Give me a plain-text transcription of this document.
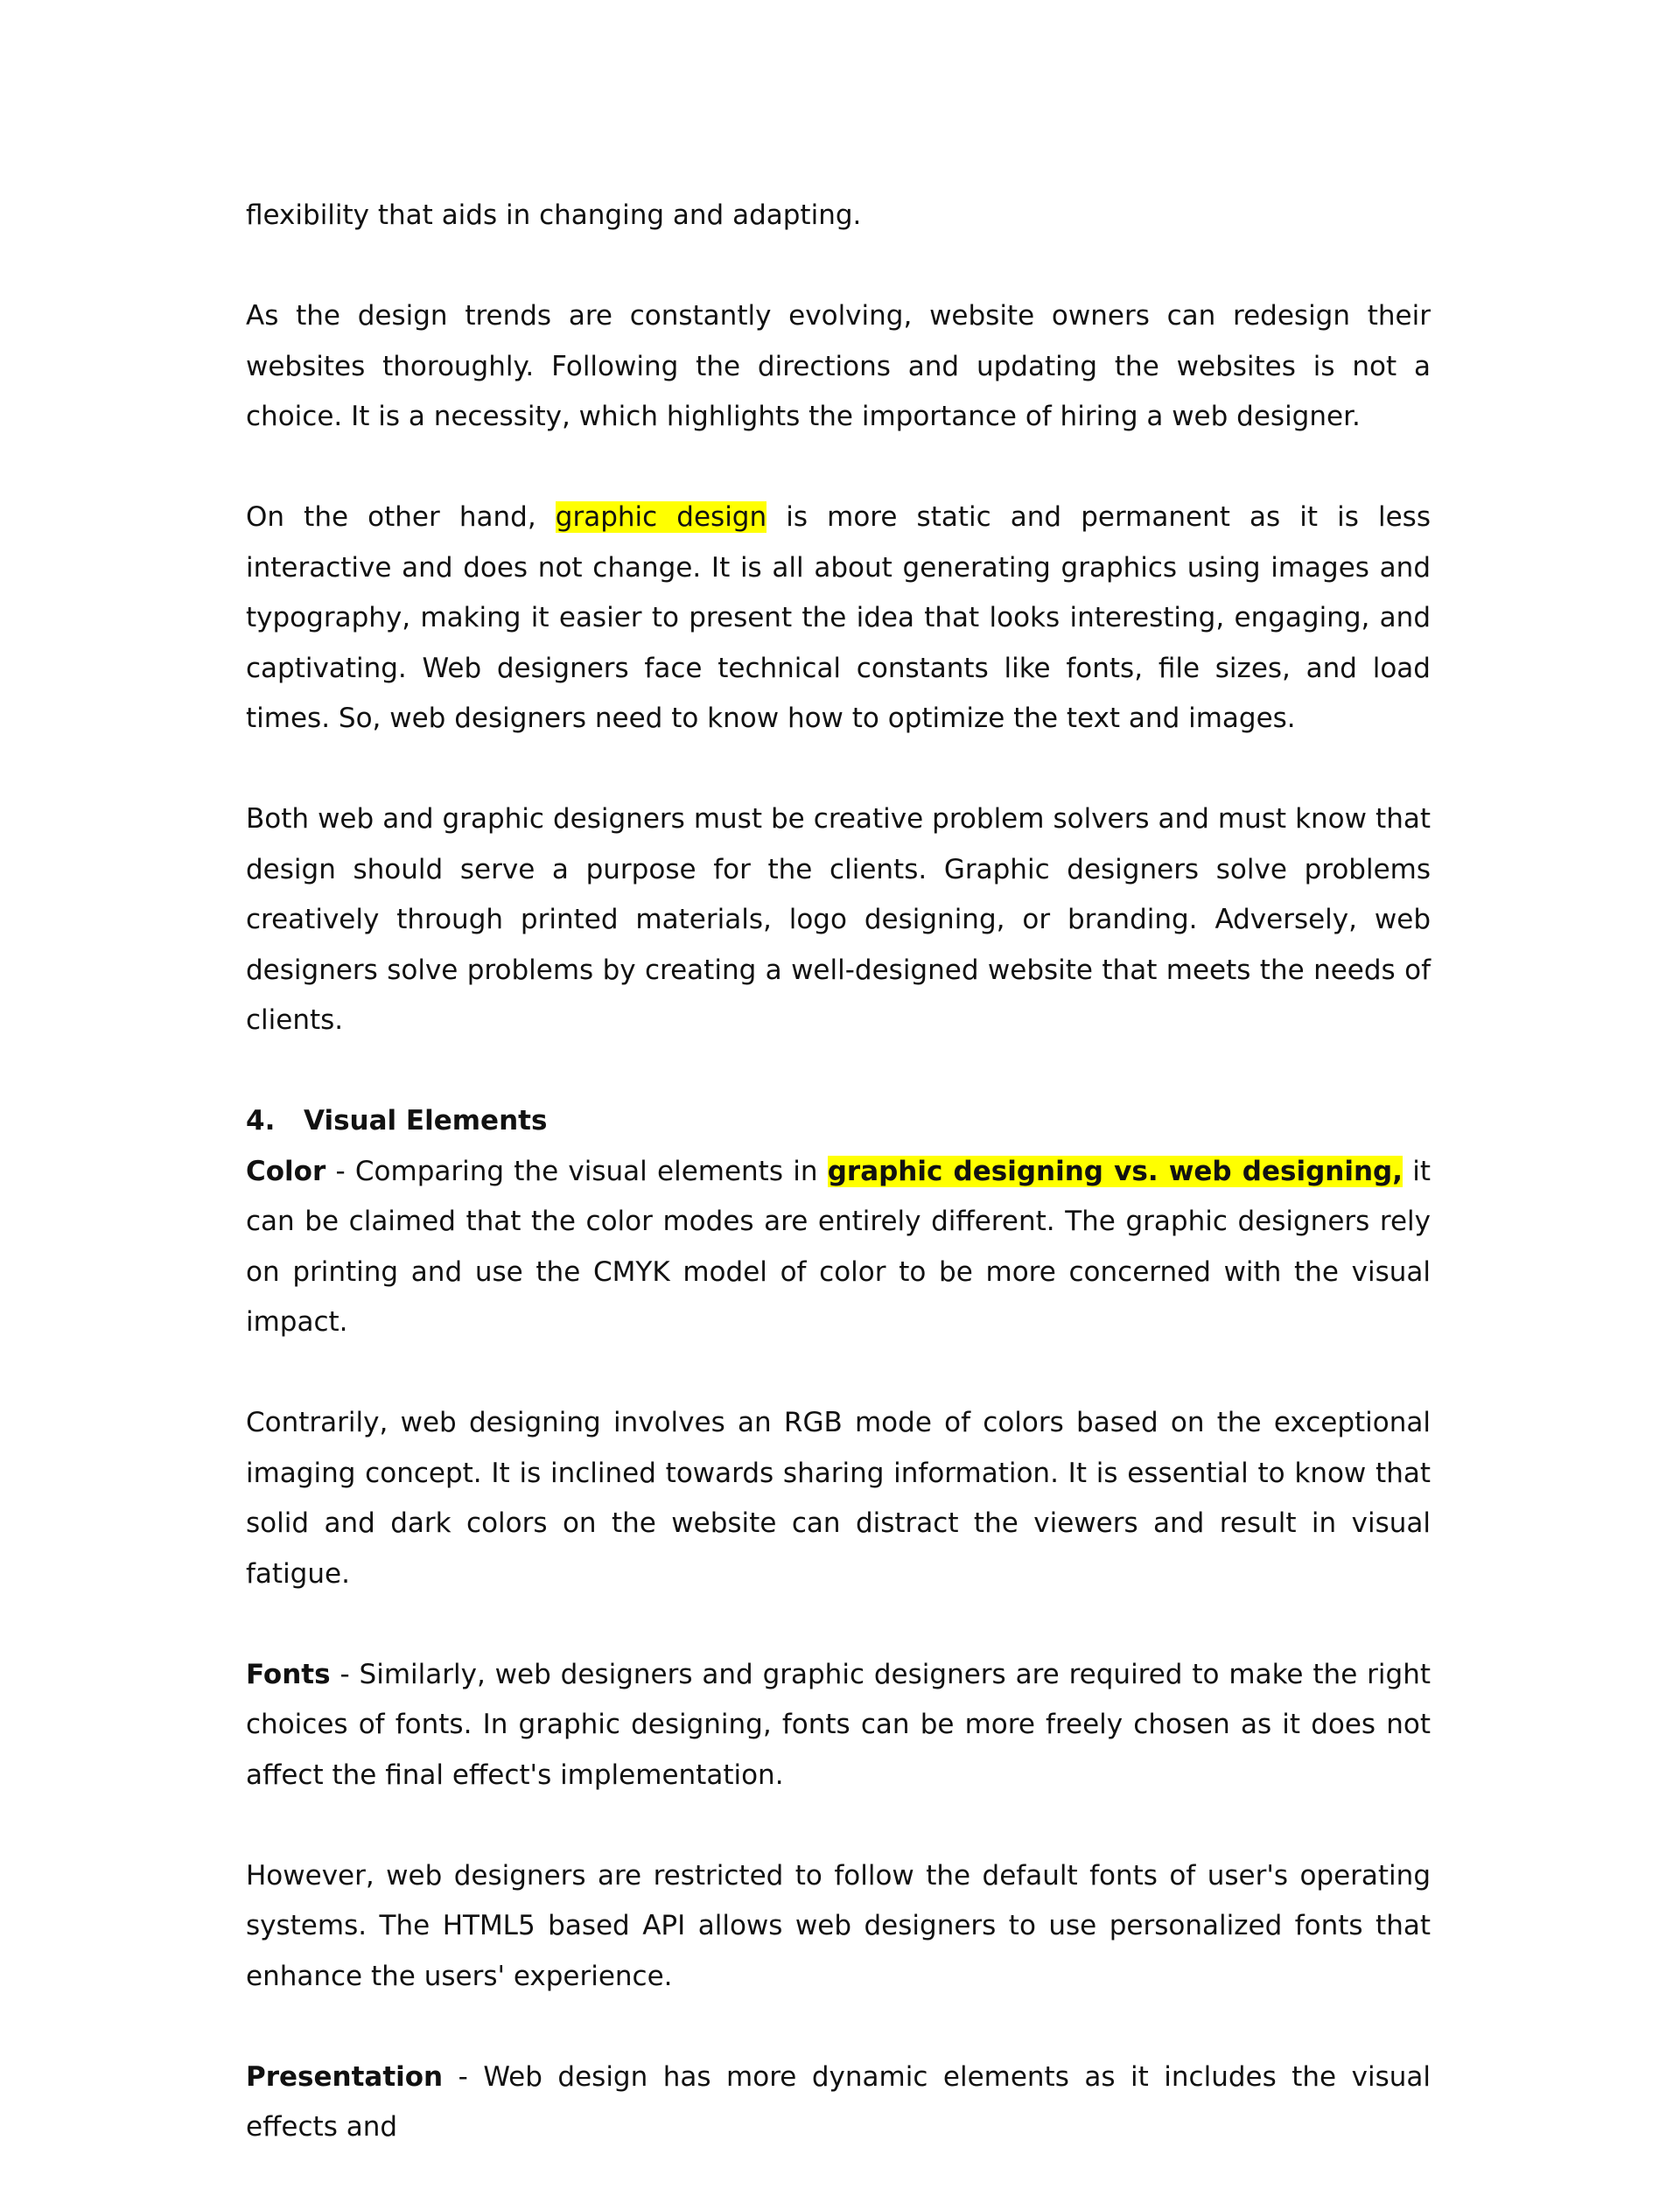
flexibility that aids in changing and adapting.

As the design trends are constantly evolving, website owners can redesign their websites thoroughly. Following the directions and updating the websites is not a choice. It is a necessity, which highlights the importance of hiring a web designer.

On the other hand, graphic design is more static and permanent as it is less interactive and does not change. It is all about generating graphics using images and typography, making it easier to present the idea that looks interesting, engaging, and captivating. Web designers face technical constants like fonts, file sizes, and load times. So, web designers need to know how to optimize the text and images.

Both web and graphic designers must be creative problem solvers and must know that design should serve a purpose for the clients. Graphic designers solve problems creatively through printed materials, logo designing, or branding. Adversely, web designers solve problems by creating a well-designed website that meets the needs of clients.

4. Visual Elements

Color - Comparing the visual elements in graphic designing vs. web designing, it can be claimed that the color modes are entirely different. The graphic designers rely on printing and use the CMYK model of color to be more concerned with the visual impact.

Contrarily, web designing involves an RGB mode of colors based on the exceptional imaging concept. It is inclined towards sharing information. It is essential to know that solid and dark colors on the website can distract the viewers and result in visual fatigue.

Fonts - Similarly, web designers and graphic designers are required to make the right choices of fonts. In graphic designing, fonts can be more freely chosen as it does not affect the final effect's implementation.

However, web designers are restricted to follow the default fonts of user's operating systems. The HTML5 based API allows web designers to use personalized fonts that enhance the users' experience.

Presentation - Web design has more dynamic elements as it includes the visual effects and
